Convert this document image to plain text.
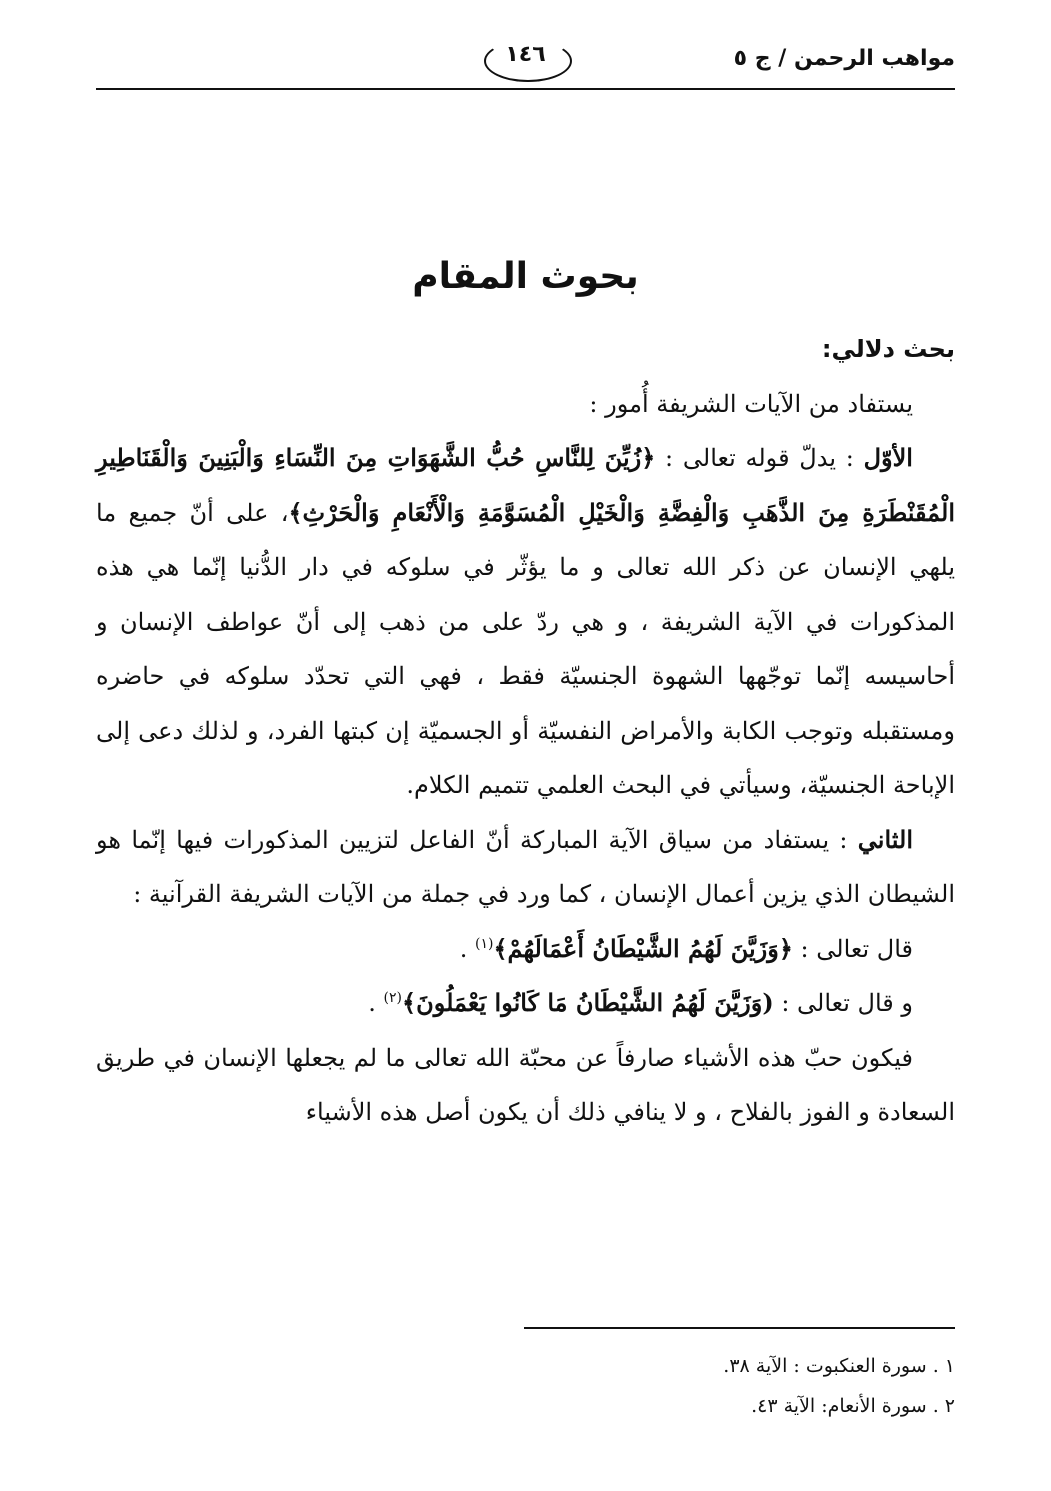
مواهب الرحمن / ج ٥
١٤٦
بحوث المقام

بحث دلالي:

يستفاد من الآيات الشريفة أُمور :

الأوّل : يدلّ قوله تعالى : ﴿زُيِّنَ لِلنَّاسِ حُبُّ الشَّهَوَاتِ مِنَ النِّسَاءِ وَالْبَنِينَ وَالْقَنَاطِيرِ الْمُقَنْطَرَةِ مِنَ الذَّهَبِ وَالْفِضَّةِ وَالْخَيْلِ الْمُسَوَّمَةِ وَالْأَنْعَامِ وَالْحَرْثِ﴾، على أنّ جميع ما يلهي الإنسان عن ذكر الله تعالى و ما يؤثّر في سلوكه في دار الدُّنيا إنّما هي هذه المذكورات في الآية الشريفة ، و هي ردّ على من ذهب إلى أنّ عواطف الإنسان و أحاسيسه إنّما توجّهها الشهوة الجنسيّة فقط ، فهي التي تحدّد سلوكه في حاضره ومستقبله وتوجب الكابة والأمراض النفسيّة أو الجسميّة إن كبتها الفرد، و لذلك دعى إلى الإباحة الجنسيّة، وسيأتي في البحث العلمي تتميم الكلام.

الثاني : يستفاد من سياق الآية المباركة أنّ الفاعل لتزيين المذكورات فيها إنّما هو الشيطان الذي يزين أعمال الإنسان ، كما ورد في جملة من الآيات الشريفة القرآنية :

قال تعالى : ﴿وَزَيَّنَ لَهُمُ الشَّيْطَانُ أَعْمَالَهُمْ﴾$^{(١)}$ .

و قال تعالى : (وَزَيَّنَ لَهُمُ الشَّيْطَانُ مَا كَانُوا يَعْمَلُونَ﴾$^{(٢)}$ .

فيكون حبّ هذه الأشياء صارفاً عن محبّة الله تعالى ما لم يجعلها الإنسان في طريق السعادة و الفوز بالفلاح ، و لا ينافي ذلك أن يكون أصل هذه الأشياء

١ . سورة العنكبوت : الآية ٣٨.

٢ . سورة الأنعام: الآية ٤٣.
